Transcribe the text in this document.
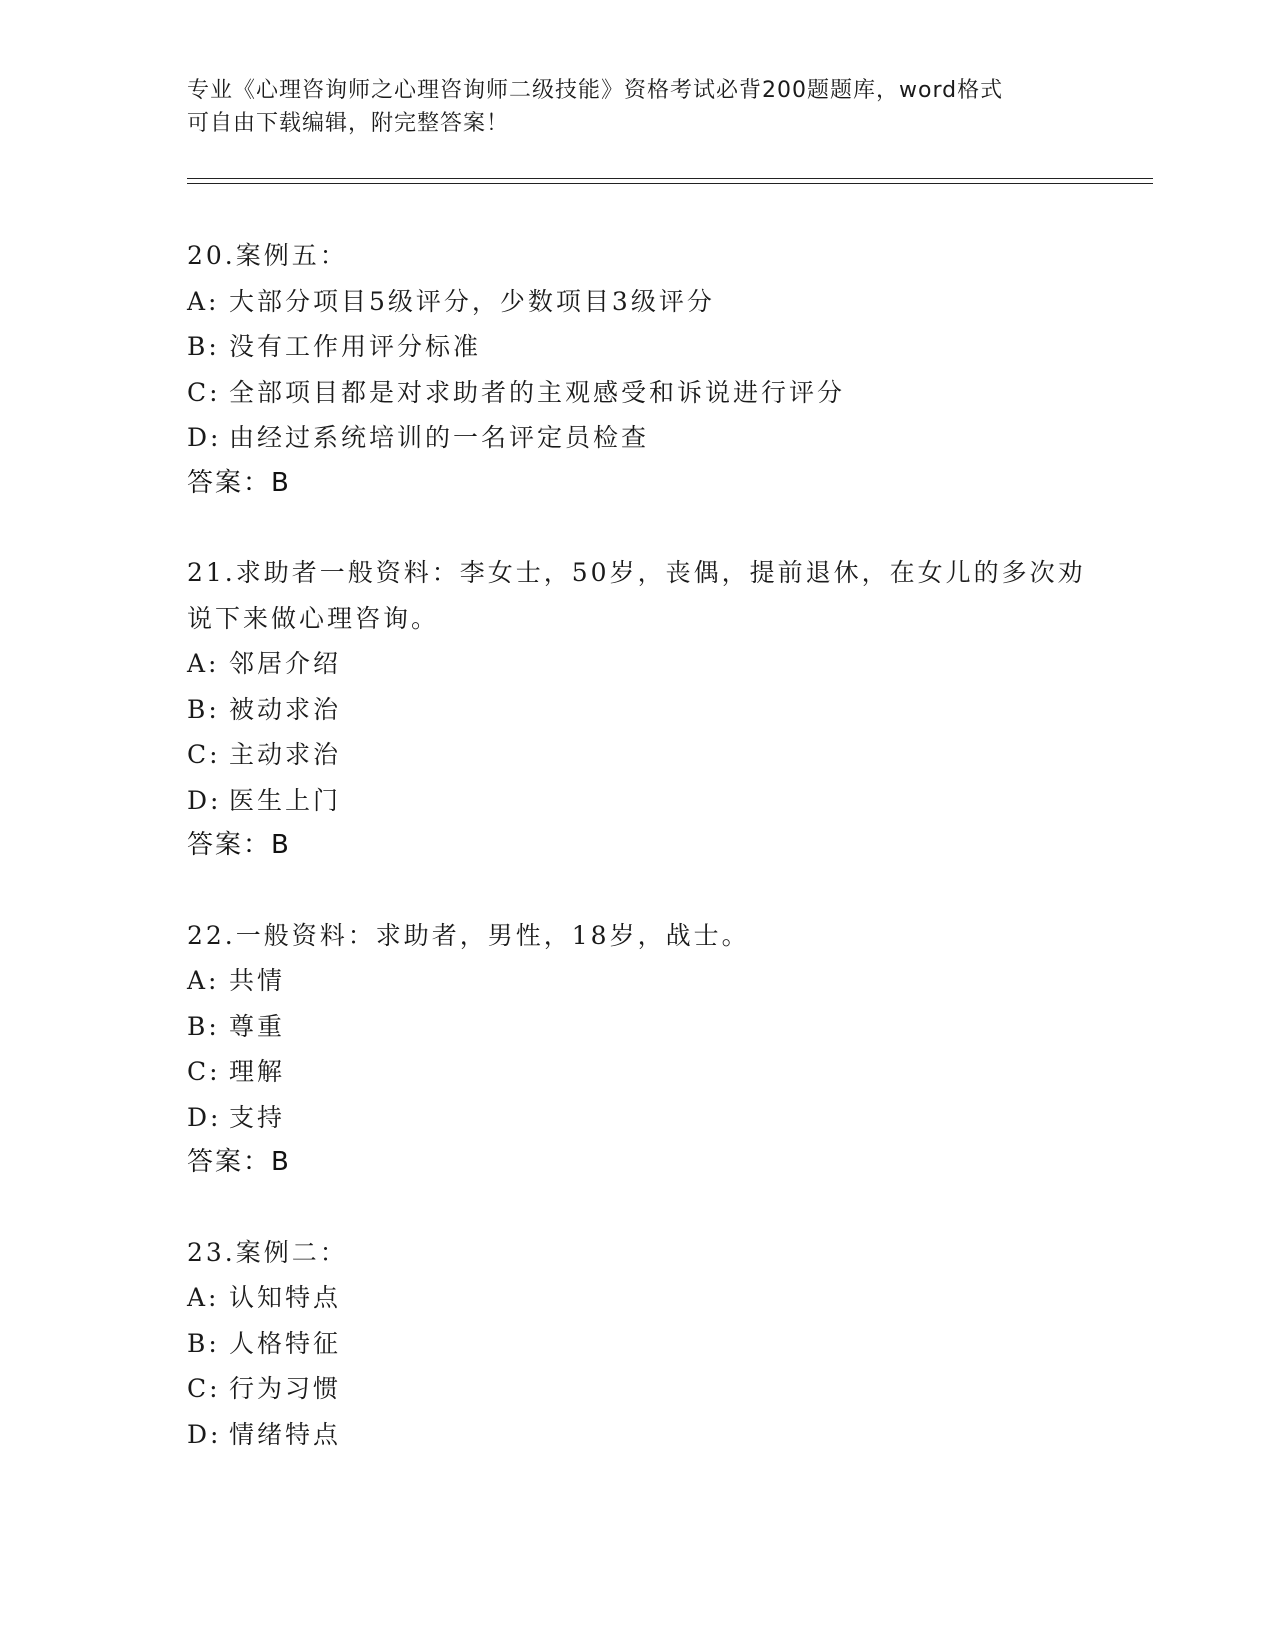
专业《心理咨询师之心理咨询师二级技能》资格考试必背200题题库，word格式
可自由下载编辑，附完整答案！
20.案例五：
A: 大部分项目5级评分，少数项目3级评分
B: 没有工作用评分标准
C: 全部项目都是对求助者的主观感受和诉说进行评分
D: 由经过系统培训的一名评定员检查
答案：B
21.求助者一般资料：李女士，50岁，丧偶，提前退休，在女儿的多次劝说下来做心理咨询。
A: 邻居介绍
B: 被动求治
C: 主动求治
D: 医生上门
答案：B
22.一般资料：求助者，男性，18岁，战士。
A: 共情
B: 尊重
C: 理解
D: 支持
答案：B
23.案例二：
A: 认知特点
B: 人格特征
C: 行为习惯
D: 情绪特点
